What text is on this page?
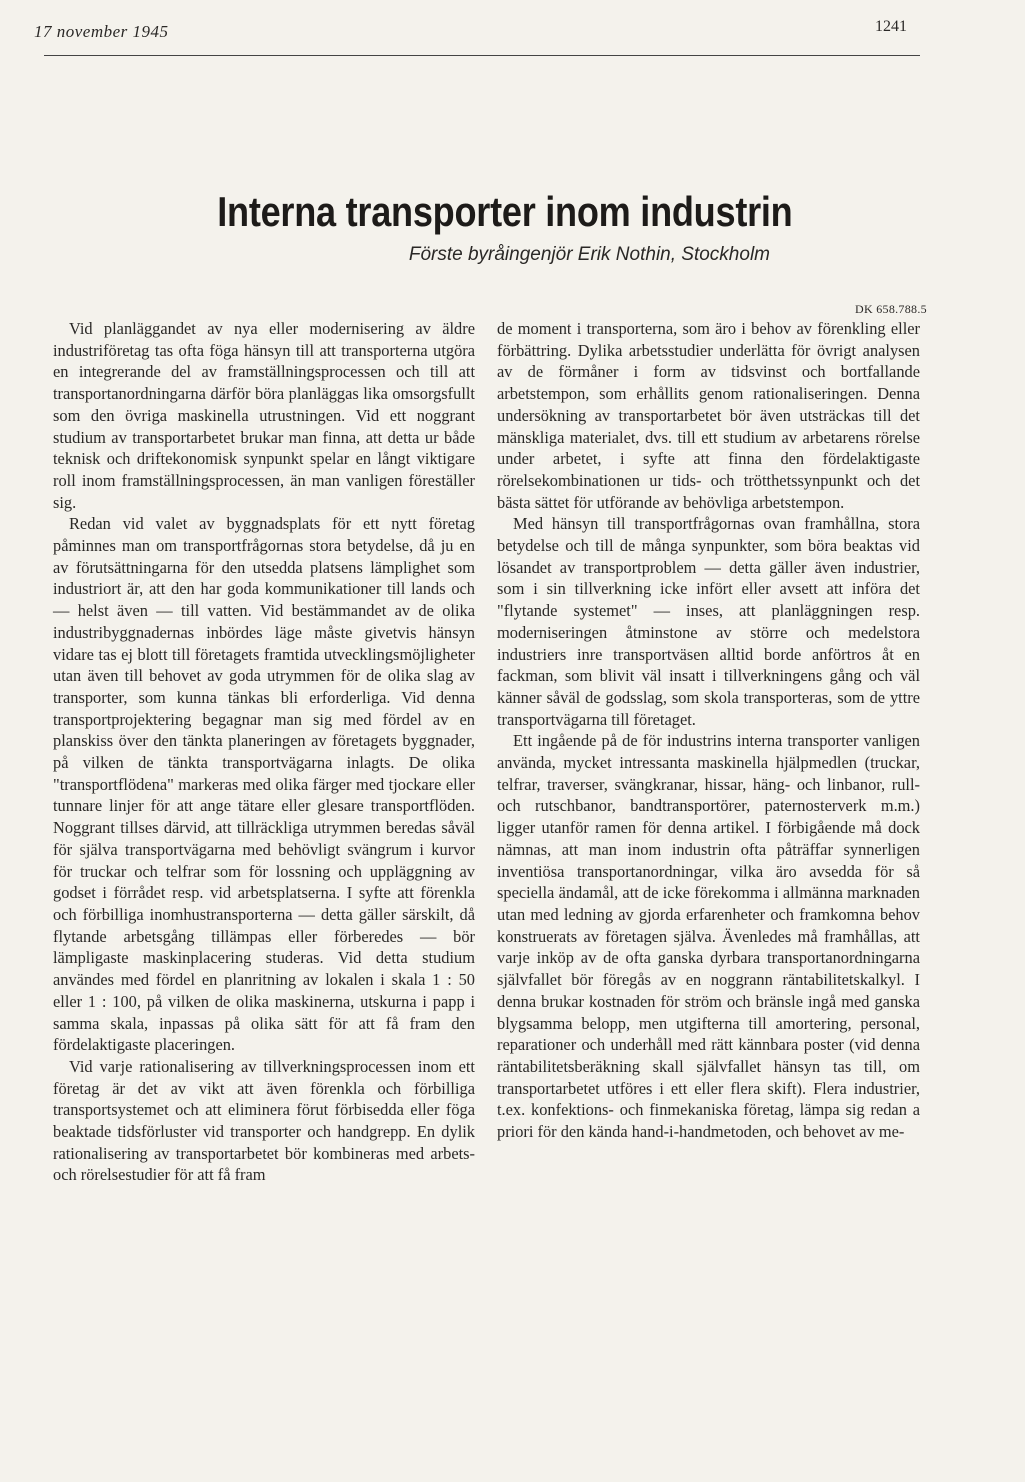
17 november 1945	1241
Interna transporter inom industrin
Förste byråingenjör Erik Nothin, Stockholm
DK 658.788.5

Vid planläggandet av nya eller modernisering av äldre industriföretag tas ofta föga hänsyn till att transporterna utgöra en integrerande del av framställningsprocessen och till att transportanordningarna därför böra planläggas lika omsorgsfullt som den övriga maskinella utrustningen. Vid ett noggrant studium av transportarbetet brukar man finna, att detta ur både teknisk och driftekonomisk synpunkt spelar en långt viktigare roll inom framställningsprocessen, än man vanligen föreställer sig.

Redan vid valet av byggnadsplats för ett nytt företag påminnes man om transportfrågornas stora betydelse, då ju en av förutsättningarna för den utsedda platsens lämplighet som industriort är, att den har goda kommunikationer till lands och — helst även — till vatten. Vid bestämmandet av de olika industribyggnadernas inbördes läge måste givetvis hänsyn vidare tas ej blott till företagets framtida utvecklingsmöjligheter utan även till behovet av goda utrymmen för de olika slag av transporter, som kunna tänkas bli erforderliga. Vid denna transportprojektering begagnar man sig med fördel av en planskiss över den tänkta planeringen av företagets byggnader, på vilken de tänkta transportvägarna inlagts. De olika "transportflödena" markeras med olika färger med tjockare eller tunnare linjer för att ange tätare eller glesare transportflöden. Noggrant tillses därvid, att tillräckliga utrymmen beredas såväl för själva transportvägarna med behövligt svängrum i kurvor för truckar och telfrar som för lossning och uppläggning av godset i förrådet resp. vid arbetsplatserna. I syfte att förenkla och förbilliga inomhustransporterna — detta gäller särskilt, då flytande arbetsgång tillämpas eller förberedes — bör lämpligaste maskinplacering studeras. Vid detta studium användes med fördel en planritning av lokalen i skala 1 : 50 eller 1 : 100, på vilken de olika maskinerna, utskurna i papp i samma skala, inpassas på olika sätt för att få fram den fördelaktigaste placeringen.

Vid varje rationalisering av tillverkningsprocessen inom ett företag är det av vikt att även förenkla och förbilliga transportsystemet och att eliminera förut förbisedda eller föga beaktade tidsförluster vid transporter och handgrepp. En dylik rationalisering av transportarbetet bör kombineras med arbets- och rörelsestudier för att få fram

de moment i transporterna, som äro i behov av förenkling eller förbättring. Dylika arbetsstudier underlätta för övrigt analysen av de förmåner i form av tidsvinst och bortfallande arbetstempon, som erhållits genom rationaliseringen. Denna undersökning av transportarbetet bör även utsträckas till det mänskliga materialet, dvs. till ett studium av arbetarens rörelse under arbetet, i syfte att finna den fördelaktigaste rörelsekombinationen ur tids- och trötthetssynpunkt och det bästa sättet för utförande av behövliga arbetstempon.

Med hänsyn till transportfrågornas ovan framhållna, stora betydelse och till de många synpunkter, som böra beaktas vid lösandet av transportproblem — detta gäller även industrier, som i sin tillverkning icke infört eller avsett att införa det "flytande systemet" — inses, att planläggningen resp. moderniseringen åtminstone av större och medelstora industriers inre transportväsen alltid borde anförtros åt en fackman, som blivit väl insatt i tillverkningens gång och väl känner såväl de godsslag, som skola transporteras, som de yttre transportvägarna till företaget.

Ett ingående på de för industrins interna transporter vanligen använda, mycket intressanta maskinella hjälpmedlen (truckar, telfrar, traverser, svängkranar, hissar, häng- och linbanor, rull- och rutschbanor, bandtransportörer, paternosterverk m.m.) ligger utanför ramen för denna artikel. I förbigående må dock nämnas, att man inom industrin ofta påträffar synnerligen inventiösa transportanordningar, vilka äro avsedda för så speciella ändamål, att de icke förekomma i allmänna marknaden utan med ledning av gjorda erfarenheter och framkomna behov konstruerats av företagen själva. Ävenledes må framhållas, att varje inköp av de ofta ganska dyrbara transportanordningarna självfallet bör föregås av en noggrann räntabilitetskalkyl. I denna brukar kostnaden för ström och bränsle ingå med ganska blygsamma belopp, men utgifterna till amortering, personal, reparationer och underhåll med rätt kännbara poster (vid denna räntabilitetsberäkning skall självfallet hänsyn tas till, om transportarbetet utföres i ett eller flera skift). Flera industrier, t.ex. konfektions- och finmekaniska företag, lämpa sig redan a priori för den kända hand-i-handmetoden, och behovet av me-
